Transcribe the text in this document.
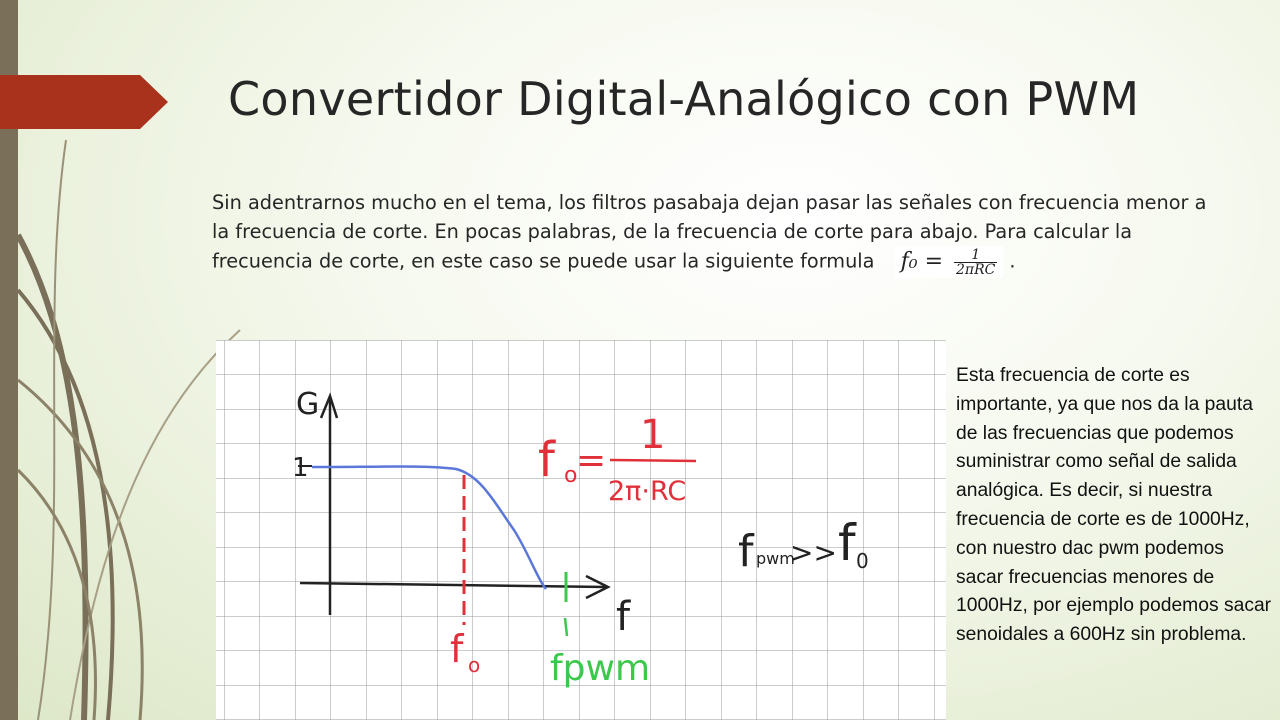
Convertidor Digital-Analógico con PWM
Sin adentrarnos mucho en el tema, los filtros pasabaja dejan pasar las señales con frecuencia menor a la frecuencia de corte. En pocas palabras, de la frecuencia de corte para abajo. Para calcular la frecuencia de corte, en este caso se puede usar la siguiente formula $f_0 = \frac{1}{\text{2πRC}}$ .
G
1
f
f o fpwm
f o
=
1
2π·RC
f pwm
>> f 0
Esta frecuencia de corte es importante, ya que nos da la pauta de las frecuencias que podemos suministrar como señal de salida analógica. Es decir, si nuestra frecuencia de corte es de 1000Hz, con nuestro dac pwm podemos sacar frecuencias menores de 1000Hz, por ejemplo podemos sacar senoidales a 600Hz sin problema.
